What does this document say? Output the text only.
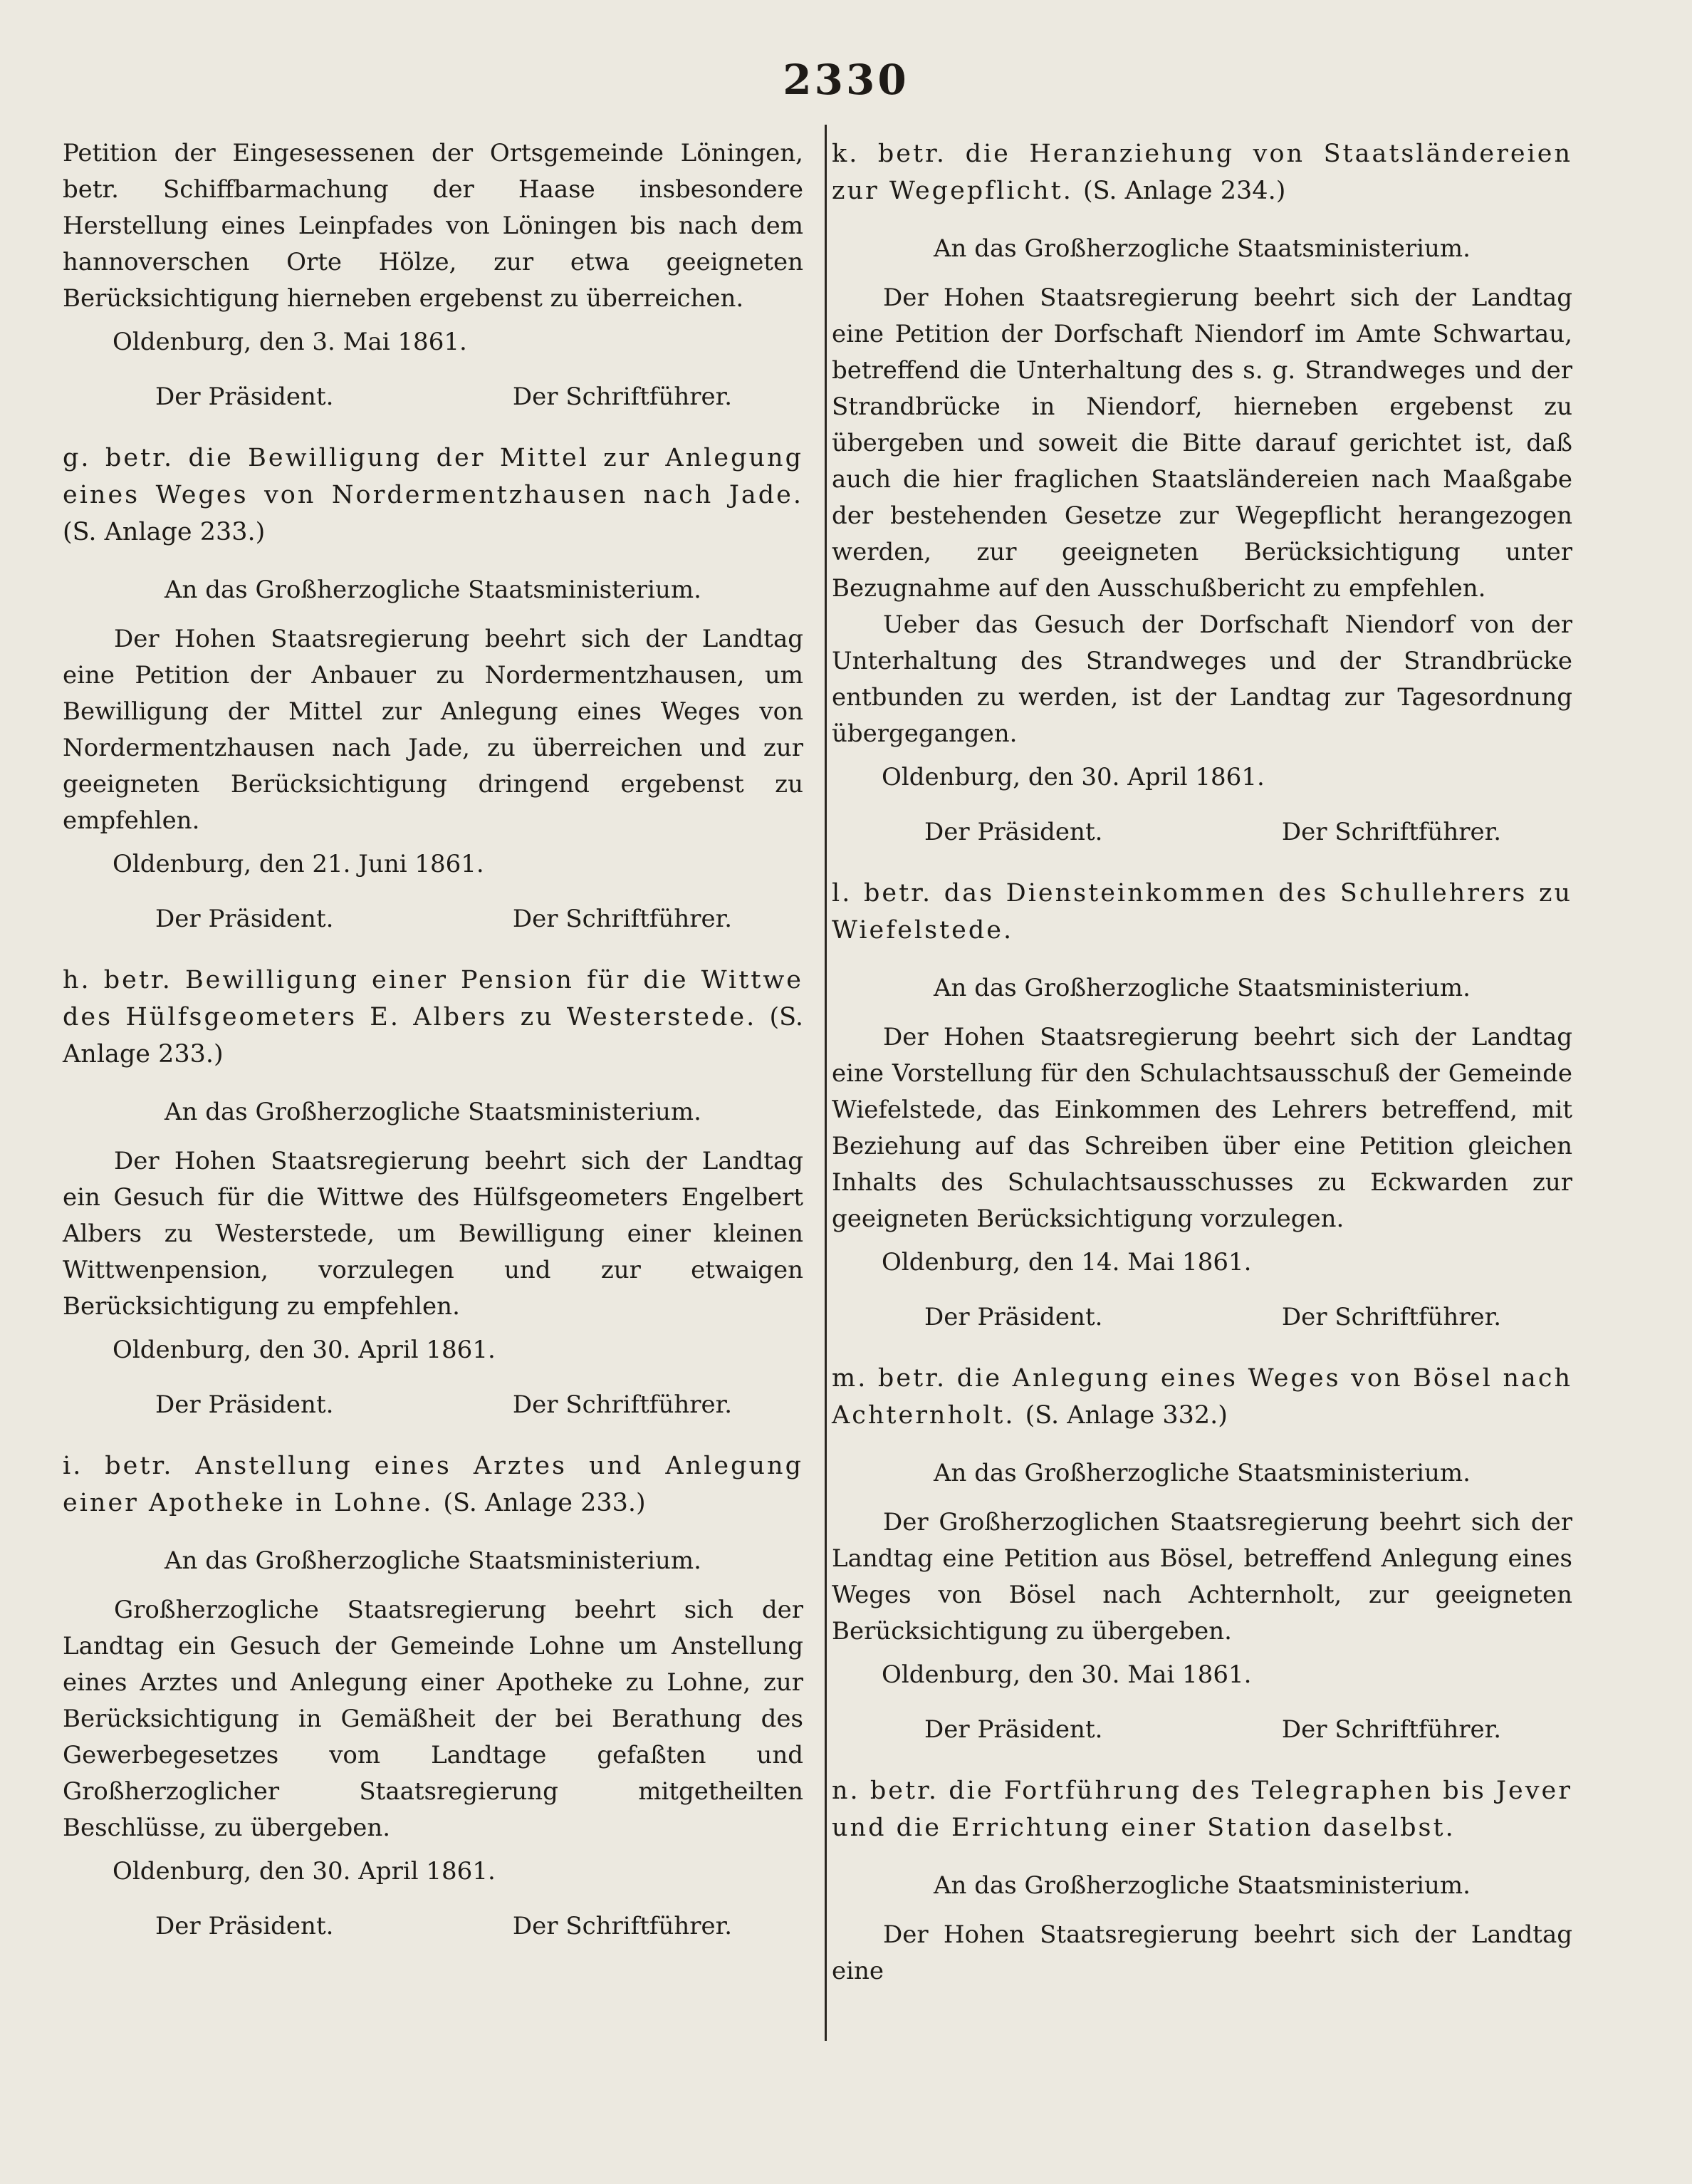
2330

Petition der Eingesessenen der Ortsgemeinde Löningen, betr. Schiffbarmachung der Haase insbesondere Herstellung eines Leinpfades von Löningen bis nach dem hannoverschen Orte Hölze, zur etwa geeigneten Berücksichtigung hierneben ergebenst zu überreichen.

Oldenburg, den 3. Mai 1861.
Der Präsident.	Der Schriftführer.
g. betr. die Bewilligung der Mittel zur Anlegung eines Weges von Nordermentzhausen nach Jade. (S. Anlage 233.)
An das Großherzogliche Staatsministerium.

Der Hohen Staatsregierung beehrt sich der Landtag eine Petition der Anbauer zu Nordermentzhausen, um Bewilligung der Mittel zur Anlegung eines Weges von Nordermentzhausen nach Jade, zu überreichen und zur geeigneten Berücksichtigung dringend ergebenst zu empfehlen.

Oldenburg, den 21. Juni 1861.
Der Präsident.	Der Schriftführer.
h. betr. Bewilligung einer Pension für die Wittwe des Hülfsgeometers E. Albers zu Westerstede. (S. Anlage 233.)
An das Großherzogliche Staatsministerium.

Der Hohen Staatsregierung beehrt sich der Landtag ein Gesuch für die Wittwe des Hülfsgeometers Engelbert Albers zu Westerstede, um Bewilligung einer kleinen Wittwenpension, vorzulegen und zur etwaigen Berücksichtigung zu empfehlen.

Oldenburg, den 30. April 1861.
Der Präsident.	Der Schriftführer.
i. betr. Anstellung eines Arztes und Anlegung einer Apotheke in Lohne. (S. Anlage 233.)
An das Großherzogliche Staatsministerium.

Großherzogliche Staatsregierung beehrt sich der Landtag ein Gesuch der Gemeinde Lohne um Anstellung eines Arztes und Anlegung einer Apotheke zu Lohne, zur Berücksichtigung in Gemäßheit der bei Berathung des Gewerbegesetzes vom Landtage gefaßten und Großherzoglicher Staatsregierung mitgetheilten Beschlüsse, zu übergeben.

Oldenburg, den 30. April 1861.
Der Präsident.	Der Schriftführer.
k. betr. die Heranziehung von Staatsländereien zur Wegepflicht. (S. Anlage 234.)
An das Großherzogliche Staatsministerium.

Der Hohen Staatsregierung beehrt sich der Landtag eine Petition der Dorfschaft Niendorf im Amte Schwartau, betreffend die Unterhaltung des s. g. Strandweges und der Strandbrücke in Niendorf, hierneben ergebenst zu übergeben und soweit die Bitte darauf gerichtet ist, daß auch die hier fraglichen Staatsländereien nach Maaßgabe der bestehenden Gesetze zur Wegepflicht herangezogen werden, zur geeigneten Berücksichtigung unter Bezugnahme auf den Ausschußbericht zu empfehlen.

Ueber das Gesuch der Dorfschaft Niendorf von der Unterhaltung des Strandweges und der Strandbrücke entbunden zu werden, ist der Landtag zur Tagesordnung übergegangen.

Oldenburg, den 30. April 1861.
Der Präsident.	Der Schriftführer.
l. betr. das Diensteinkommen des Schullehrers zu Wiefelstede.
An das Großherzogliche Staatsministerium.

Der Hohen Staatsregierung beehrt sich der Landtag eine Vorstellung für den Schulachtsausschuß der Gemeinde Wiefelstede, das Einkommen des Lehrers betreffend, mit Beziehung auf das Schreiben über eine Petition gleichen Inhalts des Schulachtsausschusses zu Eckwarden zur geeigneten Berücksichtigung vorzulegen.

Oldenburg, den 14. Mai 1861.
Der Präsident.	Der Schriftführer.
m. betr. die Anlegung eines Weges von Bösel nach Achternholt. (S. Anlage 332.)
An das Großherzogliche Staatsministerium.

Der Großherzoglichen Staatsregierung beehrt sich der Landtag eine Petition aus Bösel, betreffend Anlegung eines Weges von Bösel nach Achternholt, zur geeigneten Berücksichtigung zu übergeben.

Oldenburg, den 30. Mai 1861.
Der Präsident.	Der Schriftführer.
n. betr. die Fortführung des Telegraphen bis Jever und die Errichtung einer Station daselbst.
An das Großherzogliche Staatsministerium.

Der Hohen Staatsregierung beehrt sich der Landtag eine
